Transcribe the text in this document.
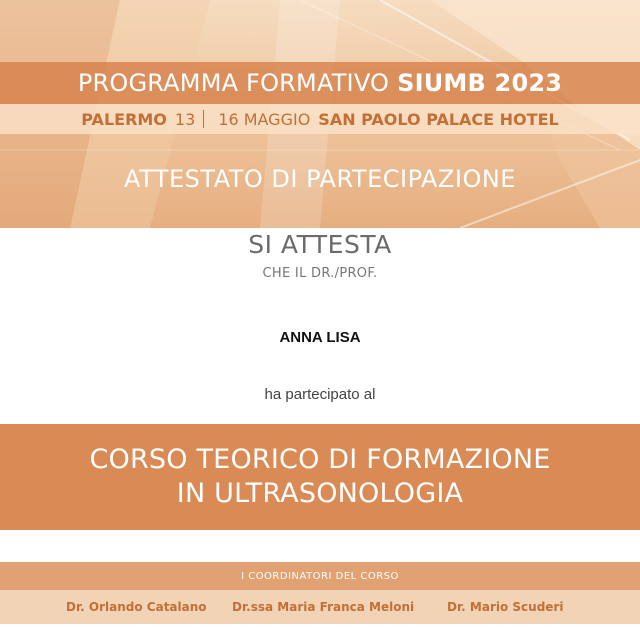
PROGRAMMA FORMATIVO SIUMB 2023
PALERMO 13 16 MAGGIO SAN PAOLO PALACE HOTEL
ATTESTATO DI PARTECIPAZIONE
SI ATTESTA
CHE IL DR./PROF.
ANNA LISA
ha partecipato al
CORSO TEORICO DI FORMAZIONE
IN ULTRASONOLOGIA
I COORDINATORI DEL CORSO
Dr. Orlando Catalano Dr.ssa Maria Franca Meloni	Dr. Mario Scuderi
